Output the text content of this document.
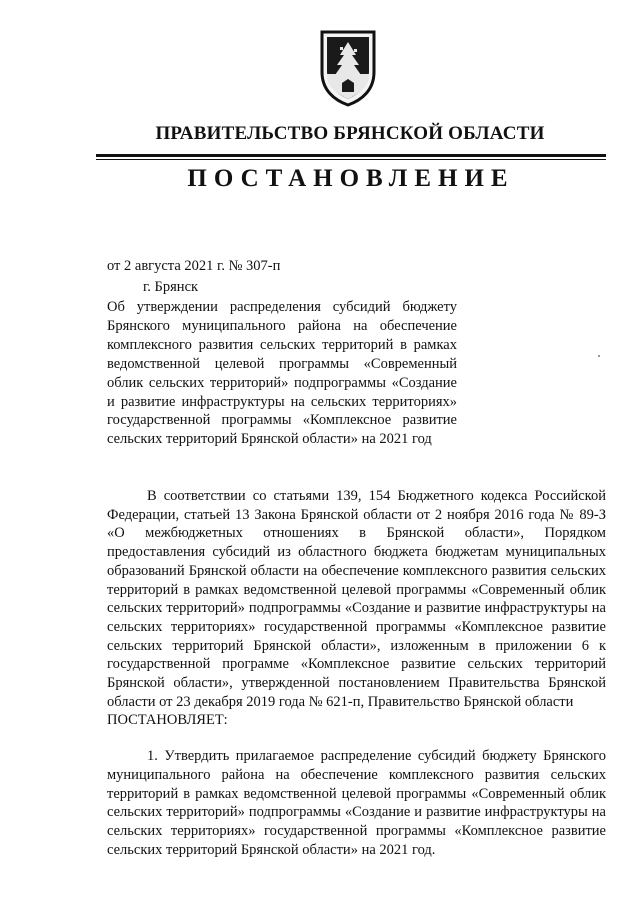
ПРАВИТЕЛЬСТВО БРЯНСКОЙ ОБЛАСТИ
ПОСТАНОВЛЕНИЕ
от 2 августа 2021 г. № 307-п
г. Брянск
Об утверждении распределения субсидий бюджету Брянского муниципального района на обеспечение комплексного развития сельских территорий в рамках ведомственной целевой программы «Современный облик сельских территорий» подпрограммы «Создание и развитие инфраструктуры на сельских территориях» государственной программы «Комплексное развитие сельских территорий Брянской области» на 2021 год

В соответствии со статьями 139, 154 Бюджетного кодекса Российской Федерации, статьей 13 Закона Брянской области от 2 ноября 2016 года № 89-З «О межбюджетных отношениях в Брянской области», Порядком предоставления субсидий из областного бюджета бюджетам муниципальных образований Брянской области на обеспечение комплексного развития сельских территорий в рамках ведомственной целевой программы «Современный облик сельских территорий» подпрограммы «Создание и развитие инфраструктуры на сельских территориях» государственной программы «Комплексное развитие сельских территорий Брянской области», изложенным в приложении 6 к государственной программе «Комплексное развитие сельских территорий Брянской области», утвержденной постановлением Правительства Брянской области от 23 декабря 2019 года № 621-п, Правительство Брянской области

ПОСТАНОВЛЯЕТ:

1. Утвердить прилагаемое распределение субсидий бюджету Брянского муниципального района на обеспечение комплексного развития сельских территорий в рамках ведомственной целевой программы «Современный облик сельских территорий» подпрограммы «Создание и развитие инфраструктуры на сельских территориях» государственной программы «Комплексное развитие сельских территорий Брянской области» на 2021 год.
